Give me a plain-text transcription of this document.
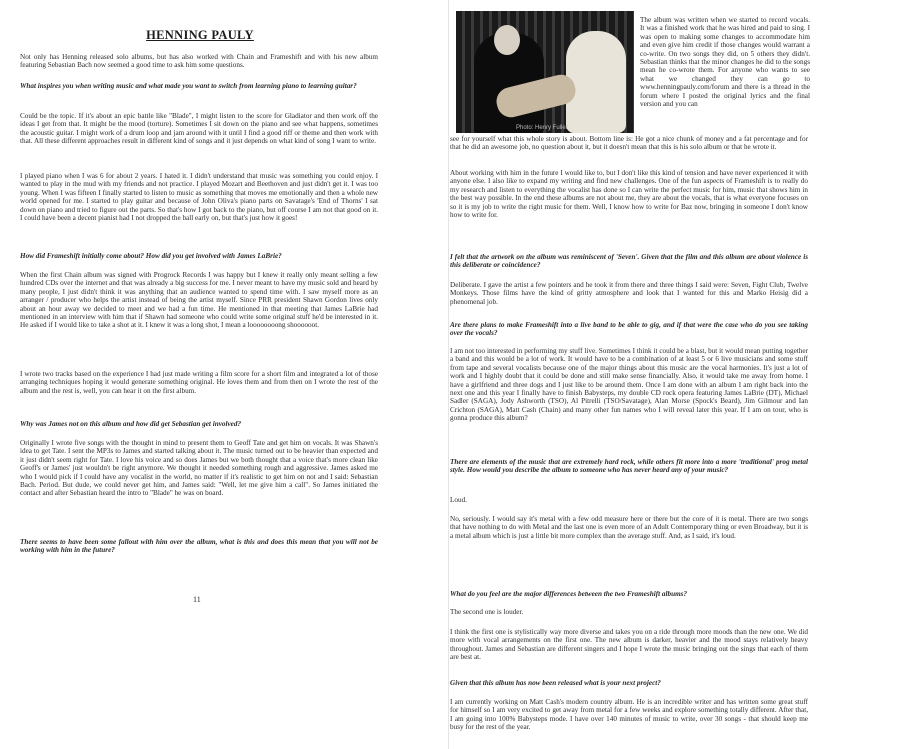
HENNING PAULY

Not only has Henning released solo albums, but has also worked with Chain and Frameshift and with his new album featuring Sebastian Bach now seemed a good time to ask him some questions.

What inspires you when writing music and what made you want to switch from learning piano to learning guitar?

Could be the topic. If it's about an epic battle like "Blade", I might listen to the score for Gladiator and then work off the ideas I get from that. It might be the mood (torture). Sometimes I sit down on the piano and see what happens, sometimes the acoustic guitar. I might work of a drum loop and jam around with it until I find a good riff or theme and then work with that. All these different approaches result in different kind of songs and it just depends on what kind of song I want to write.

I played piano when I was 6 for about 2 years. I hated it. I didn't understand that music was something you could enjoy. I wanted to play in the mud with my friends and not practice. I played Mozart and Beethoven and just didn't get it. I was too young. When I was fifteen I finally started to listen to music as something that moves me emotionally and then a whole new world opened for me. I started to play guitar and because of John Oliva's piano parts on Savatage's 'End of Thorns' I sat down on piano and tried to figure out the parts. So that's how I got back to the piano, but off course I am not that good on it. I could have been a decent pianist had I not dropped the ball early on, but that's just how it goes!

How did Frameshift initially come about? How did you get involved with James LaBrie?

When the first Chain album was signed with Progrock Records I was happy but I knew it really only meant selling a few hundred CDs over the internet and that was already a big success for me. I never meant to have my music sold and heard by many people, I just didn't think it was anything that an audience wanted to spend time with. I saw myself more as an arranger / producer who helps the artist instead of being the artist myself. Since PRR president Shawn Gordon lives only about an hour away we decided to meet and we had a fun time. He mentioned in that meeting that James LaBrie had mentioned in an interview with him that if Shawn had someone who could write some original stuff he'd be interested in it. He asked if I would like to take a shot at it. I knew it was a long shot, I mean a loooooooong shoooooot.

I wrote two tracks based on the experience I had just made writing a film score for a short film and integrated a lot of those arranging techniques hoping it would generate something original. He loves them and from then on I wrote the rest of the album and the rest is, well, you can hear it on the first album.

Why was James not on this album and how did get Sebastian get involved?

Originally I wrote five songs with the thought in mind to present them to Geoff Tate and get him on vocals. It was Shawn's idea to get Tate. I sent the MP3s to James and started talking about it. The music turned out to be heavier than expected and it just didn't seem right for Tate. I love his voice and so does James but we both thought that a voice that's more clean like Geoff's or James' just wouldn't be right anymore. We thought it needed something rough and aggressive. James asked me who I would pick if I could have any vocalist in the world, no matter if it's realistic to get him on not and I said: Sebastian Bach. Period. But dude, we could never get him, and James said: "Well, let me give him a call". So James initiated the contact and after Sebastian heard the intro to "Blade" he was on board.

There seems to have been some fallout with him over the album, what is this and does this mean that you will not be working with him in the future?

11
Photo: Henry Fuller

The album was written when we started to record vocals. It was a finished work that he was hired and paid to sing. I was open to making some changes to accommodate him and even give him credit if those changes would warrant a co-write. On two songs they did, on 5 others they didn't. Sebastian thinks that the minor changes he did to the songs mean he co-wrote them. For anyone who wants to see what we changed they can go to www.henningpauly.com/forum and there is a thread in the forum where I posted the original lyrics and the final version and you can

see for yourself what this whole story is about. Bottom line is: He got a nice chunk of money and a fat percentage and for that he did an awesome job, no question about it, but it doesn't mean that this is his solo album or that he wrote it.

About working with him in the future I would like to, but I don't like this kind of tension and have never experienced it with anyone else. I also like to expand my writing and find new challenges. One of the fun aspects of Frameshift is to really do my research and listen to everything the vocalist has done so I can write the perfect music for him, music that shows him in the best way possible. In the end these albums are not about me, they are about the vocals, that is what everyone focuses on so it is my job to write the right music for them. Well, I know how to write for Baz now, bringing in someone I don't know how to write for.

I felt that the artwork on the album was reminiscent of 'Seven'. Given that the film and this album are about violence is this deliberate or coincidence?

Deliberate. I gave the artist a few pointers and he took it from there and three things I said were: Seven, Fight Club, Twelve Monkeys. Those films have the kind of gritty atmosphere and look that I wanted for this and Marko Heisig did a phenomenal job.

Are there plans to make Frameshift into a live band to be able to gig, and if that were the case who do you see taking over the vocals?

I am not too interested in performing my stuff live. Sometimes I think it could be a blast, but it would mean putting together a band and this would be a lot of work. It would have to be a combination of at least 5 or 6 live musicians and some stuff from tape and several vocalists because one of the major things about this music are the vocal harmonies. It's just a lot of work and I highly doubt that it could be done and still make sense financially. Also, it would take me away from home. I have a girlfriend and three dogs and I just like to be around them. Once I am done with an album I am right back into the next one and this year I finally have to finish Babysteps, my double CD rock opera featuring James LaBrie (DT), Michael Sadler (SAGA), Jody Ashworth (TSO), Al Pitrelli (TSO/Savatage), Alan Morse (Spock's Beard), Jim Gilmour and Ian Crichton (SAGA), Matt Cash (Chain) and many other fun names who I will reveal later this year. If I am on tour, who is gonna produce this album?

There are elements of the music that are extremely hard rock, while others fit more into a more 'traditional' prog metal style. How would you describe the album to someone who has never heard any of your music?

Loud.

No, seriously. I would say it's metal with a few odd measure here or there but the core of it is metal. There are two songs that have nothing to do with Metal and the last one is even more of an Adult Contemporary thing or even Broadway, but it is a metal album which is just a little bit more complex than the average stuff. And, as I said, it's loud.

What do you feel are the major differences between the two Frameshift albums?

The second one is louder.

I think the first one is stylistically way more diverse and takes you on a ride through more moods than the new one. We did more with vocal arrangements on the first one. The new album is darker, heavier and the mood stays relatively heavy throughout. James and Sebastian are different singers and I hope I wrote the music bringing out the sings that each of them are best at.

Given that this album has now been released what is your next project?

I am currently working on Matt Cash's modern country album. He is an incredible writer and has written some great stuff for himself so I am very excited to get away from metal for a few weeks and explore something totally different. After that, I am going into 100% Babysteps mode. I have over 140 minutes of music to write, over 30 songs - that should keep me busy for the rest of the year.
